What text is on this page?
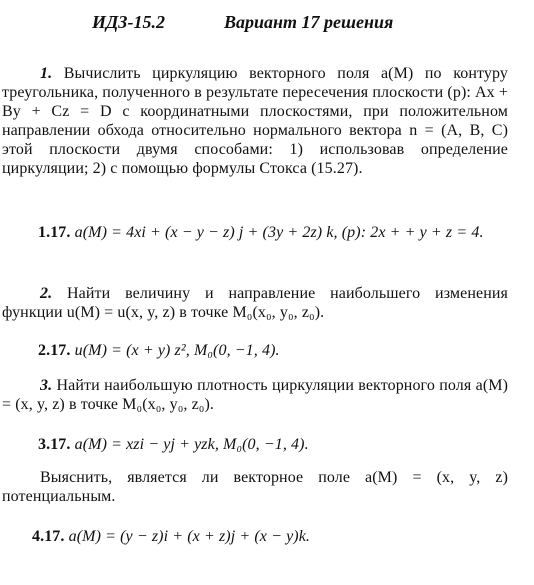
ИДЗ-15.2	Вариант 17 решения
1. Вычислить циркуляцию векторного поля a(M) по контуру треугольника, полученного в результате пересечения плоскости (p): Ax + By + Cz = D с координатными плоскостями, при положительном направлении обхода относительно нормального вектора n = (A, B, C) этой плоскости двумя способами: 1) использовав определение циркуляции; 2) с помощью формулы Стокса (15.27).
1.17. a(M) = 4xi + (x − y − z) j + (3y + 2z) k, (p): 2x + + y + z = 4.
2. Найти величину и направление наибольшего изменения функции u(M) = u(x, y, z) в точке M₀(x₀, y₀, z₀).
2.17. u(M) = (x + y) z², M₀(0, −1, 4).
3. Найти наибольшую плотность циркуляции векторного поля a(M) = (x, y, z) в точке M₀(x₀, y₀, z₀).
3.17. a(M) = xzi − yj + yzk, M₀(0, −1, 4).
Выяснить, является ли векторное поле a(M) = (x, y, z) потенциальным.
4.17. a(M) = (y − z)i + (x + z)j + (x − y)k.
